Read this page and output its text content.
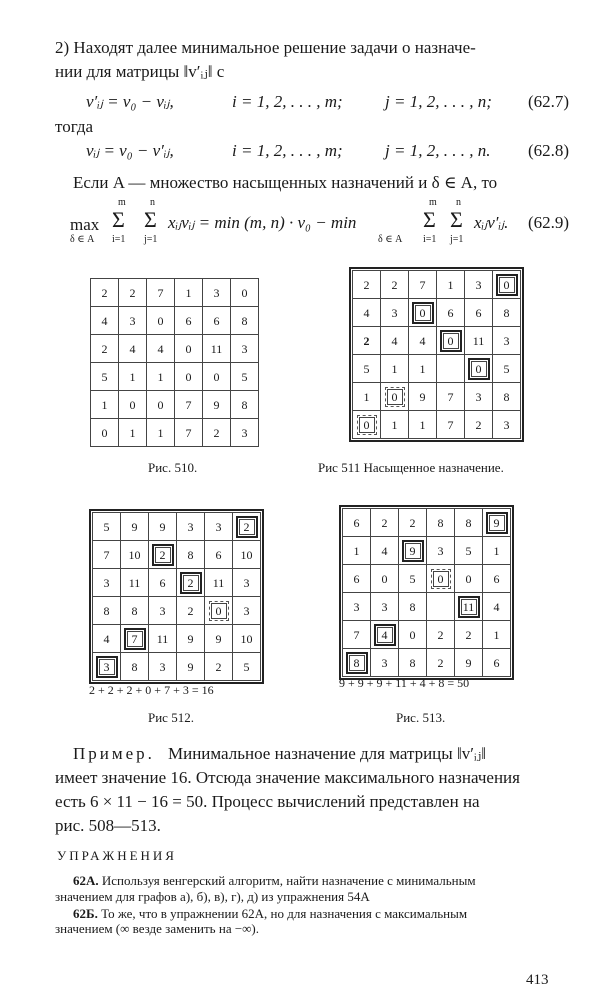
2) Находят далее минимальное решение задачи о назначе-
нии для матрицы ‖v′ᵢⱼ‖ с
v′ᵢⱼ = v₀ − vᵢⱼ,	i = 1, 2, . . . , m; j = 1, 2, . . . , n; (62.7)
тогда
vᵢⱼ = v₀ − v′ᵢⱼ,	i = 1, 2, . . . , m; j = 1, 2, . . . , n. (62.8)
Если A — множество насыщенных назначений и δ ∈ A, то
max
δ ∈ A
m
Σ
i=1
n
Σ
j=1
xᵢⱼvᵢⱼ = min (m, n) · v₀ − min
δ ∈ A
m
Σ
i=1
n
Σ
j=1
xᵢⱼv′ᵢⱼ. (62.9)
2	2	7	1	3	0
4	3	0	6	6	8
2	4	4	0	11	3
5	1	1	0	0	5
1	0	0	7	9	8
0	1	1	7	2	3
Рис. 510.
2	2	7	1	3	0
4	3	0	6	6	8
2	4	4	0	11	3
5	1	1		0	5
1	0	9	7	3	8
0	1	1	7	2	3
Рис 511 Насыщенное назначение.
5	9	9	3	3	2
7	10	2	8	6	10
3	11	6	2	11	3
8	8	3	2	0	3
4	7	11	9	9	10
3	8	3	9	2	5
2 + 2 + 2 + 0 + 7 + 3 = 16
Рис 512.
6	2	2	8	8	9
1	4	9	3	5	1
6	0	5	0	0	6
3	3	8		11	4
7	4	0	2	2	1
8	3	8	2	9	6
9 + 9 + 9 + 11 + 4 + 8 = 50
Рис. 513.
Пример. Минимальное назначение для матрицы ‖v′ᵢⱼ‖
имеет значение 16. Отсюда значение максимального назначения
есть 6 × 11 − 16 = 50. Процесс вычислений представлен на
рис. 508—513.
УПРАЖНЕНИЯ
62А. Используя венгерский алгоритм, найти назначение с минимальным
значением для графов а), б), в), г), д) из упражнения 54А
62Б. То же, что в упражнении 62А, но для назначения с максимальным
значением (∞ везде заменить на −∞).
413
